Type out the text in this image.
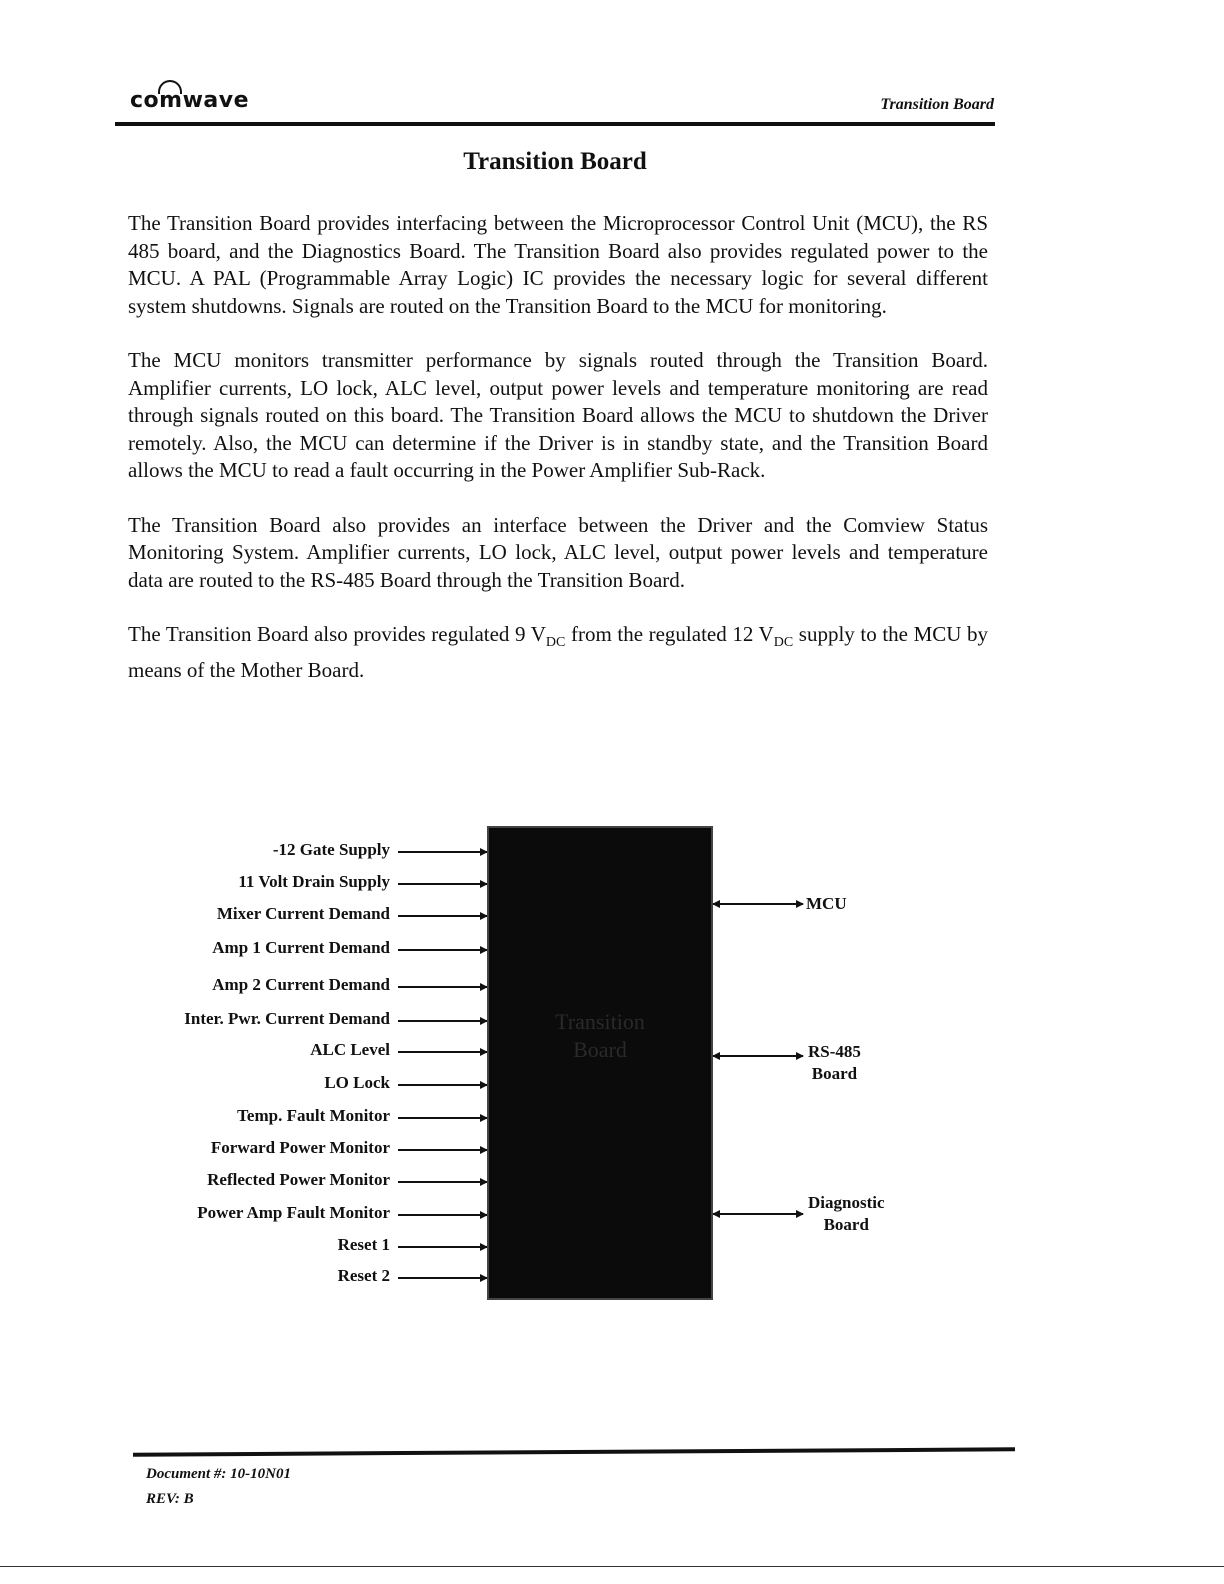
comwave	Transition Board
Transition Board

The Transition Board provides interfacing between the Microprocessor Control Unit (MCU), the RS 485 board, and the Diagnostics Board. The Transition Board also provides regulated power to the MCU. A PAL (Programmable Array Logic) IC provides the necessary logic for several different system shutdowns. Signals are routed on the Transition Board to the MCU for monitoring.

The MCU monitors transmitter performance by signals routed through the Transition Board. Amplifier currents, LO lock, ALC level, output power levels and temperature monitoring are read through signals routed on this board. The Transition Board allows the MCU to shutdown the Driver remotely. Also, the MCU can determine if the Driver is in standby state, and the Transition Board allows the MCU to read a fault occurring in the Power Amplifier Sub-Rack.

The Transition Board also provides an interface between the Driver and the Comview Status Monitoring System. Amplifier currents, LO lock, ALC level, output power levels and temperature data are routed to the RS-485 Board through the Transition Board.

The Transition Board also provides regulated 9 $V_{DC}$ from the regulated 12 $V_{DC}$ supply to the MCU by means of the Mother Board.

Transition
Board
-12 Gate Supply
11 Volt Drain Supply
Mixer Current Demand
Amp 1 Current Demand
Amp 2 Current Demand
Inter. Pwr. Current Demand
ALC Level
LO Lock
Temp. Fault Monitor
Forward Power Monitor
Reflected Power Monitor
Power Amp Fault Monitor
Reset 1
Reset 2
MCU
RS-485
Board
Diagnostic
Board
Document #: 10-10N01
REV: B
